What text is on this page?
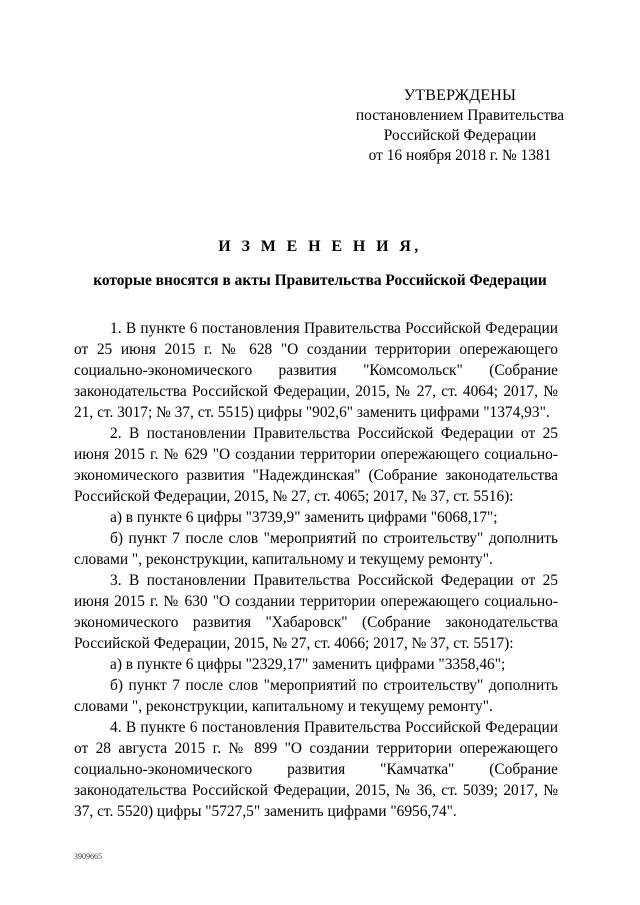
УТВЕРЖДЕНЫ
постановлением Правительства
Российской Федерации
от 16 ноября 2018 г. № 1381
И З М Е Н Е Н И Я,
которые вносятся в акты Правительства Российской Федерации

1. В пункте 6 постановления Правительства Российской Федерации от 25 июня 2015 г. № 628 "О создании территории опережающего социально-экономического развития "Комсомольск" (Собрание законодательства Российской Федерации, 2015, № 27, ст. 4064; 2017, № 21, ст. 3017; № 37, ст. 5515) цифры "902,6" заменить цифрами "1374,93".

2. В постановлении Правительства Российской Федерации от 25 июня 2015 г. № 629 "О создании территории опережающего социально-экономического развития "Надеждинская" (Собрание законодательства Российской Федерации, 2015, № 27, ст. 4065; 2017, № 37, ст. 5516):

а) в пункте 6 цифры "3739,9" заменить цифрами "6068,17";

б) пункт 7 после слов "мероприятий по строительству" дополнить словами ", реконструкции, капитальному и текущему ремонту".

3. В постановлении Правительства Российской Федерации от 25 июня 2015 г. № 630 "О создании территории опережающего социально-экономического развития "Хабаровск" (Собрание законодательства Российской Федерации, 2015, № 27, ст. 4066; 2017, № 37, ст. 5517):

а) в пункте 6 цифры "2329,17" заменить цифрами "3358,46";

б) пункт 7 после слов "мероприятий по строительству" дополнить словами ", реконструкции, капитальному и текущему ремонту".

4. В пункте 6 постановления Правительства Российской Федерации от 28 августа 2015 г. № 899 "О создании территории опережающего социально-экономического развития "Камчатка" (Собрание законодательства Российской Федерации, 2015, № 36, ст. 5039; 2017, № 37, ст. 5520) цифры "5727,5" заменить цифрами "6956,74".

3909665
